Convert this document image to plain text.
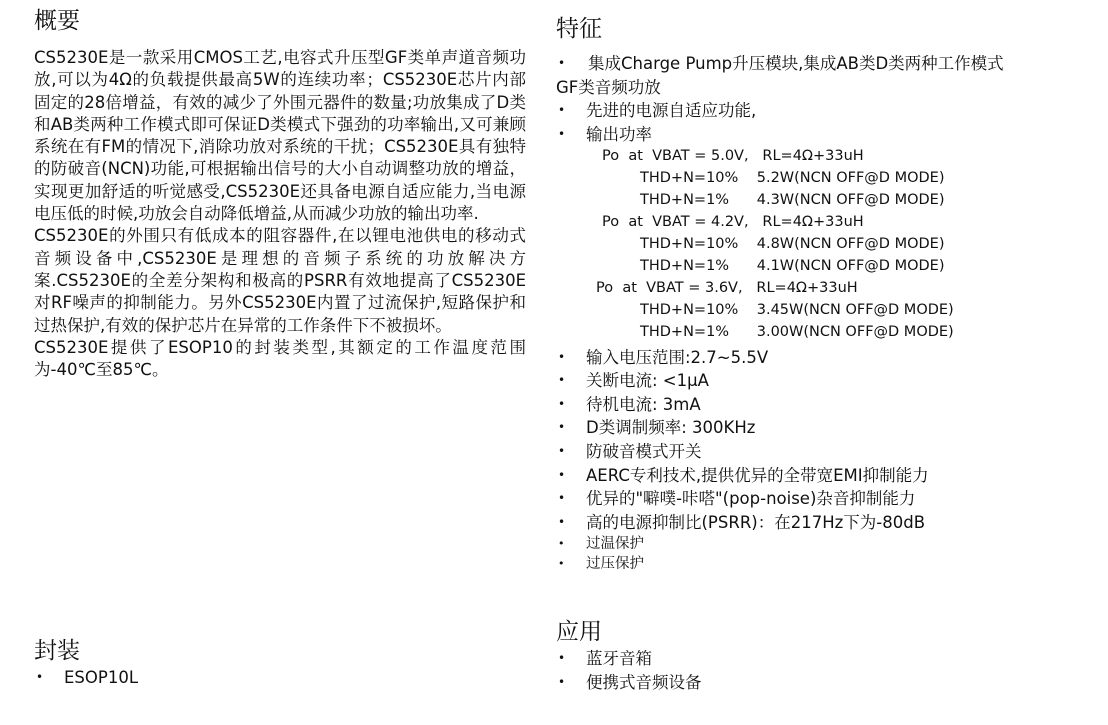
概要

CS5230E是一款采用CMOS工艺,电容式升压型GF类单声道音频功放,可以为4Ω的负载提供最高5W的连续功率；CS5230E芯片内部固定的28倍增益，有效的减少了外围元器件的数量;功放集成了D类和AB类两种工作模式即可保证D类模式下强劲的功率输出,又可兼顾系统在有FM的情况下,消除功放对系统的干扰；CS5230E具有独特的防破音(NCN)功能,可根据输出信号的大小自动调整功放的增益，实现更加舒适的听觉感受,CS5230E还具备电源自适应能力,当电源电压低的时候,功放会自动降低增益,从而减少功放的输出功率.

CS5230E的外围只有低成本的阻容器件,在以锂电池供电的移动式音频设备中,CS5230E是理想的音频子系统的功放解决方案.CS5230E的全差分架构和极高的PSRR有效地提高了CS5230E对RF噪声的抑制能力。另外CS5230E内置了过流保护,短路保护和过热保护,有效的保护芯片在异常的工作条件下不被损坏。

CS5230E提供了ESOP10的封装类型,其额定的工作温度范围为-40℃至85℃。

封装
• ESOP10L
特征
• 集成Charge Pump升压模块,集成AB类D类两种工作模式
GF类音频功放
• 先进的电源自适应功能,
• 输出功率
Po  at  VBAT = 5.0V,   RL=4Ω+33uH
THD+N=10%    5.2W(NCN OFF@D MODE)
THD+N=1%      4.3W(NCN OFF@D MODE)
Po  at  VBAT = 4.2V,   RL=4Ω+33uH
THD+N=10%    4.8W(NCN OFF@D MODE)
THD+N=1%      4.1W(NCN OFF@D MODE)
Po  at  VBAT = 3.6V,   RL=4Ω+33uH
THD+N=10%    3.45W(NCN OFF@D MODE)
THD+N=1%      3.00W(NCN OFF@D MODE)
• 输入电压范围:2.7~5.5V
• 关断电流: <1μA
• 待机电流: 3mA
• D类调制频率: 300KHz
• 防破音模式开关
• AERC专利技术,提供优异的全带宽EMI抑制能力
• 优异的"噼噗-咔嗒"(pop-noise)杂音抑制能力
• 高的电源抑制比(PSRR)：在217Hz下为-80dB
• 过温保护
• 过压保护
应用
• 蓝牙音箱
• 便携式音频设备
